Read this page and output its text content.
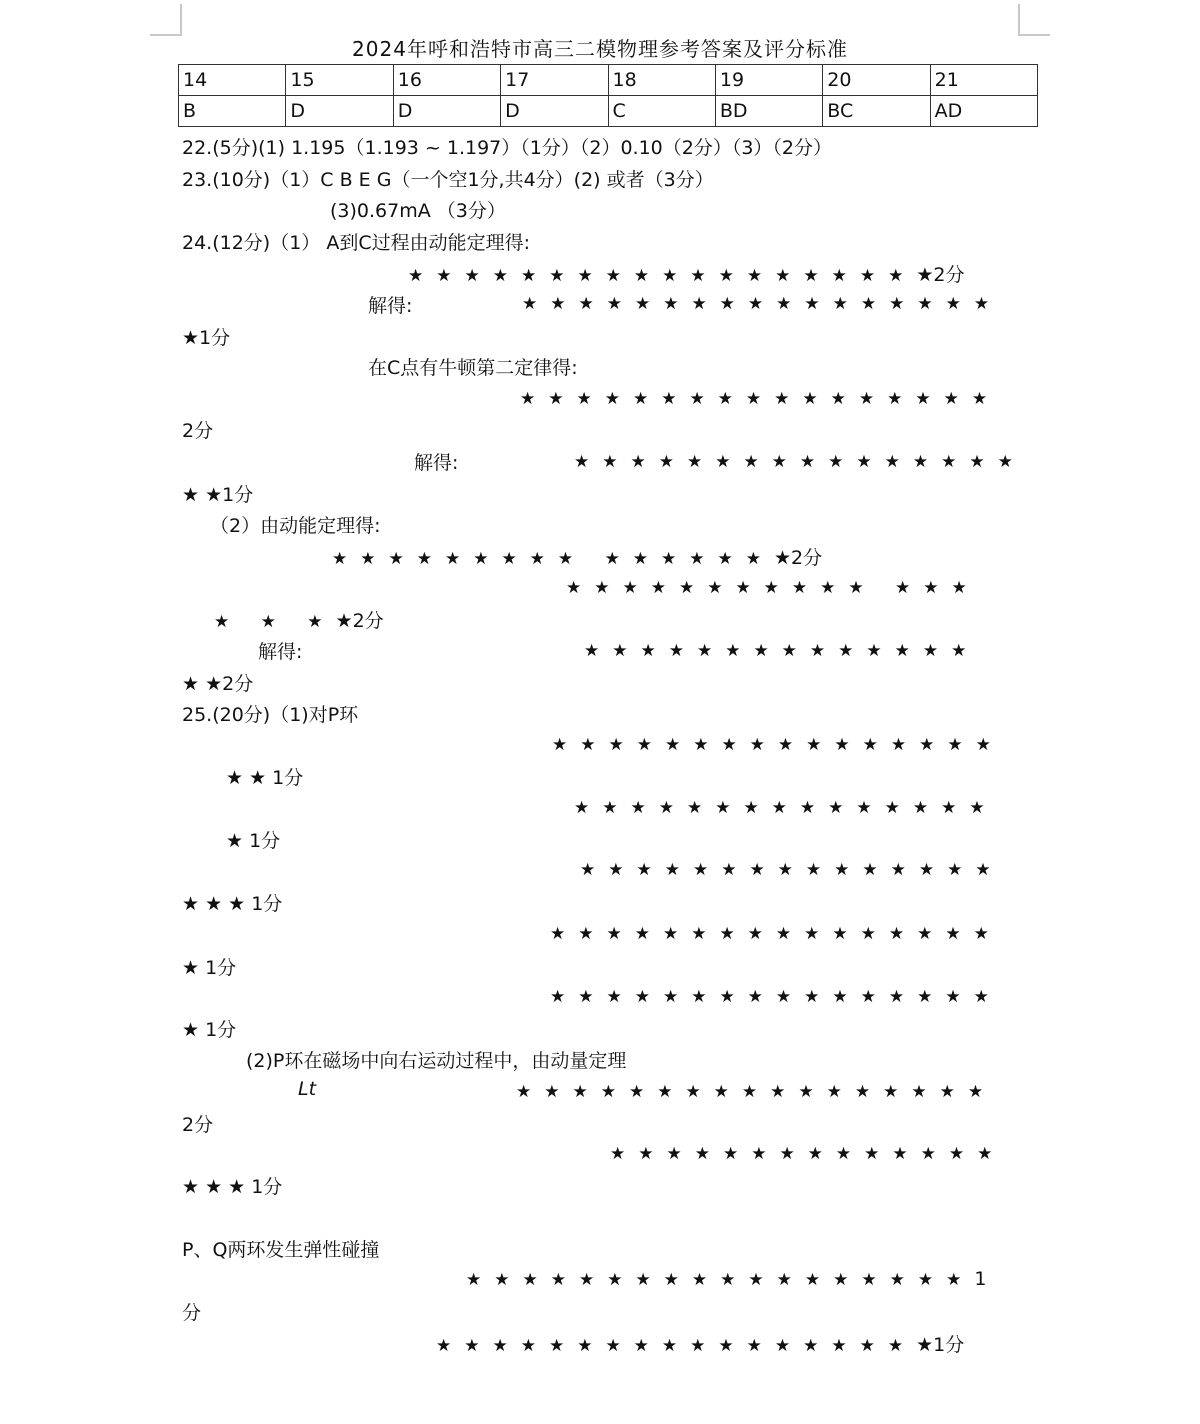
2024年呼和浩特市高三二模物理参考答案及评分标准
14	15	16	17	18	19	20	21
B	D	D	D	C	BD	BC	AD
22.(5分)(1) 1.195（1.193 ~ 1.197）（1分）（2）0.10（2分）（3）（2分）
23.(10分)（1）C B E G（一个空1分,共4分）(2) 或者（3分）
(3)0.67mA （3分）
24.(12分)（1） A到C过程由动能定理得:
★★★★★★★★★★★★★★★★★★★2分
解得:	★★★★★★★★★★★★★★★★★
★1分
在C点有牛顿第二定律得:
★★★★★★★★★★★★★★★★★
2分
解得:	★★★★★★★★★★★★★★★★
★ ★1分
（2）由动能定理得:
★★★★★★★★★ ★★★★★★★2分
★★★★★★★★★★★ ★★★
★ ★ ★★2分
解得:	★★★★★★★★★★★★★★
★ ★2分
25.(20分)（1)对P环
★★★★★★★★★★★★★★★★
★ ★ 1分
★★★★★★★★★★★★★★★
★ 1分
★★★★★★★★★★★★★★★
★ ★ ★ 1分
★★★★★★★★★★★★★★★★
★ 1分
★★★★★★★★★★★★★★★★
★ 1分
(2)P环在磁场中向右运动过程中，由动量定理
Lt	★★★★★★★★★★★★★★★★★
2分
★★★★★★★★★★★★★★
★ ★ ★ 1分
P、Q两环发生弹性碰撞
★★★★★★★★★★★★★★★★★★1
分
★★★★★★★★★★★★★★★★★★1分
